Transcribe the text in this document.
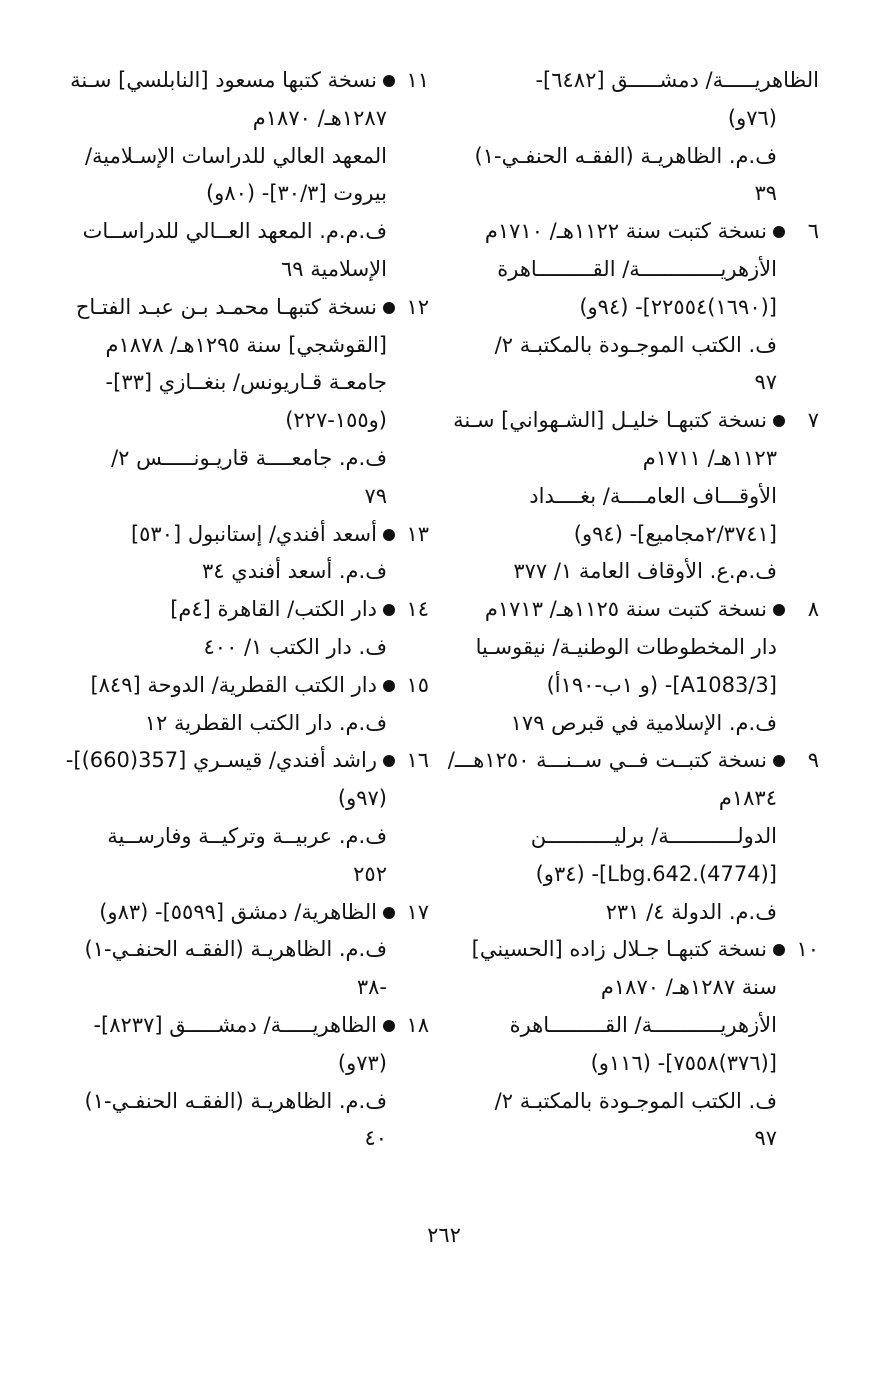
الظاهريـــــة/ دمشـــــق [٦٤٨٢]-
(٧٦و)
ف.م. الظاهريـة (الفقـه الحنفـي-١)
٣٩
٦نسخة كتبت سنة ١١٢٢هـ/ ١٧١٠م
الأزهريـــــــــــــة/ القـــــــــاهرة
[(١٦٩٠)٢٢٥٥٤]- (٩٤و)
ف. الكتب الموجـودة بالمكتبـة ٢/
٩٧
٧نسخة كتبهـا خليـل [الشـهواني] سـنة
١١٢٣هـ/ ١٧١١م
الأوقـــاف العامــــة/ بغــــداد
[٢/٣٧٤١مجاميع]- (٩٤و)
ف.م.ع. الأوقاف العامة ١/ ٣٧٧
٨نسخة كتبت سنة ١١٢٥هـ/ ١٧١٣م
دار المخطوطات الوطنيـة/ نيقوسـيا
[A1083/3]- (و ١ب-١٩٠أ)
ف.م. الإسلامية في قبرص ١٧٩
٩نسخة كتبــت فــي ســنـــة ١٢٥٠هـــ/
١٨٣٤م
الدولـــــــــــة/ برليـــــــــــن
[(4774).Lbg.642]- (٣٤و)
ف.م. الدولة ٤/ ٢٣١
١٠نسخة كتبهـا جـلال زاده [الحسيني]
سنة ١٢٨٧هـ/ ١٨٧٠م
الأزهريـــــــــــة/ القـــــــــاهرة
[(٣٧٦)٧٥٥٨]- (١١٦و)
ف. الكتب الموجـودة بالمكتبـة ٢/
٩٧
١١نسخة كتبها مسعود [النابلسي] سـنة
١٢٨٧هـ/ ١٨٧٠م
المعهد العالي للدراسات الإسـلامية/
بيروت [٣٠/٣]- (٨٠و)
ف.م.م. المعهد العــالي للدراســات
الإسلامية ٦٩
١٢نسخة كتبهـا محمـد بـن عبـد الفتـاح
[القوشجي] سنة ١٢٩٥هـ/ ١٨٧٨م
جامعـة قـاريونس/ بنغــازي [٣٣]-
(و١٥٥-٢٢٧)
ف.م. جامعــــة قاريـونـــــس ٢/
٧٩
١٣أسعد أفندي/ إستانبول [٥٣٠]
ف.م. أسعد أفندي ٣٤
١٤دار الكتب/ القاهرة [٤م]
ف. دار الكتب ١/ ٤٠٠
١٥دار الكتب القطرية/ الدوحة [٨٤٩]
ف.م. دار الكتب القطرية ١٢
١٦راشد أفندي/ قيسـري [357(660)]-
(٩٧و)
ف.م. عربيــة وتركيــة وفارســية
٢٥٢
١٧الظاهرية/ دمشق [٥٥٩٩]- (٨٣و)
ف.م. الظاهريـة (الفقـه الحنفـي-١)
-٣٨
١٨الظاهريـــــة/ دمشـــــق [٨٢٣٧]-
(٧٣و)
ف.م. الظاهريـة (الفقـه الحنفـي-١)
٤٠
٢٦٢
